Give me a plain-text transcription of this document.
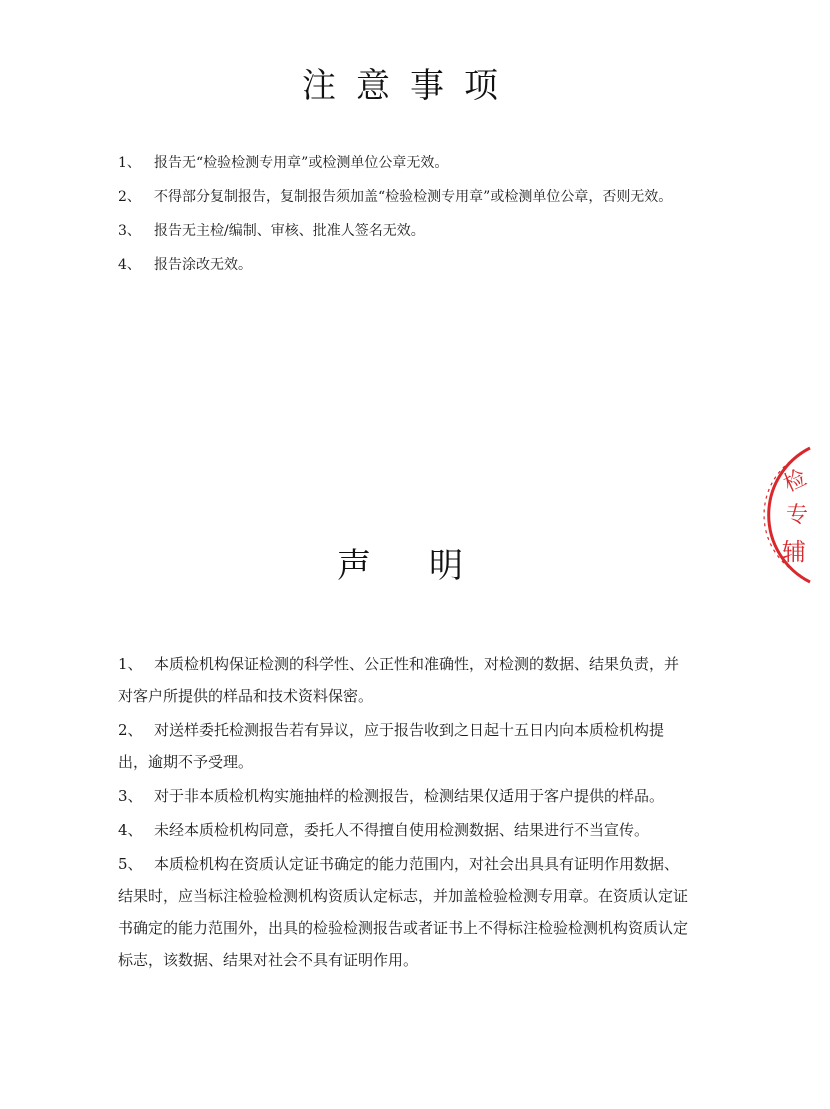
注意事项
1、 报告无“检验检测专用章”或检测单位公章无效。
2、 不得部分复制报告，复制报告须加盖“检验检测专用章”或检测单位公章，否则无效。
3、 报告无主检/编制、审核、批准人签名无效。
4、 报告涂改无效。
检
专
辅
声明
1、 本质检机构保证检测的科学性、公正性和准确性，对检测的数据、结果负责，并对客户所提供的样品和技术资料保密。
2、 对送样委托检测报告若有异议，应于报告收到之日起十五日内向本质检机构提出，逾期不予受理。
3、 对于非本质检机构实施抽样的检测报告，检测结果仅适用于客户提供的样品。
4、 未经本质检机构同意，委托人不得擅自使用检测数据、结果进行不当宣传。
5、 本质检机构在资质认定证书确定的能力范围内，对社会出具具有证明作用数据、结果时，应当标注检验检测机构资质认定标志，并加盖检验检测专用章。在资质认定证书确定的能力范围外，出具的检验检测报告或者证书上不得标注检验检测机构资质认定标志，该数据、结果对社会不具有证明作用。
